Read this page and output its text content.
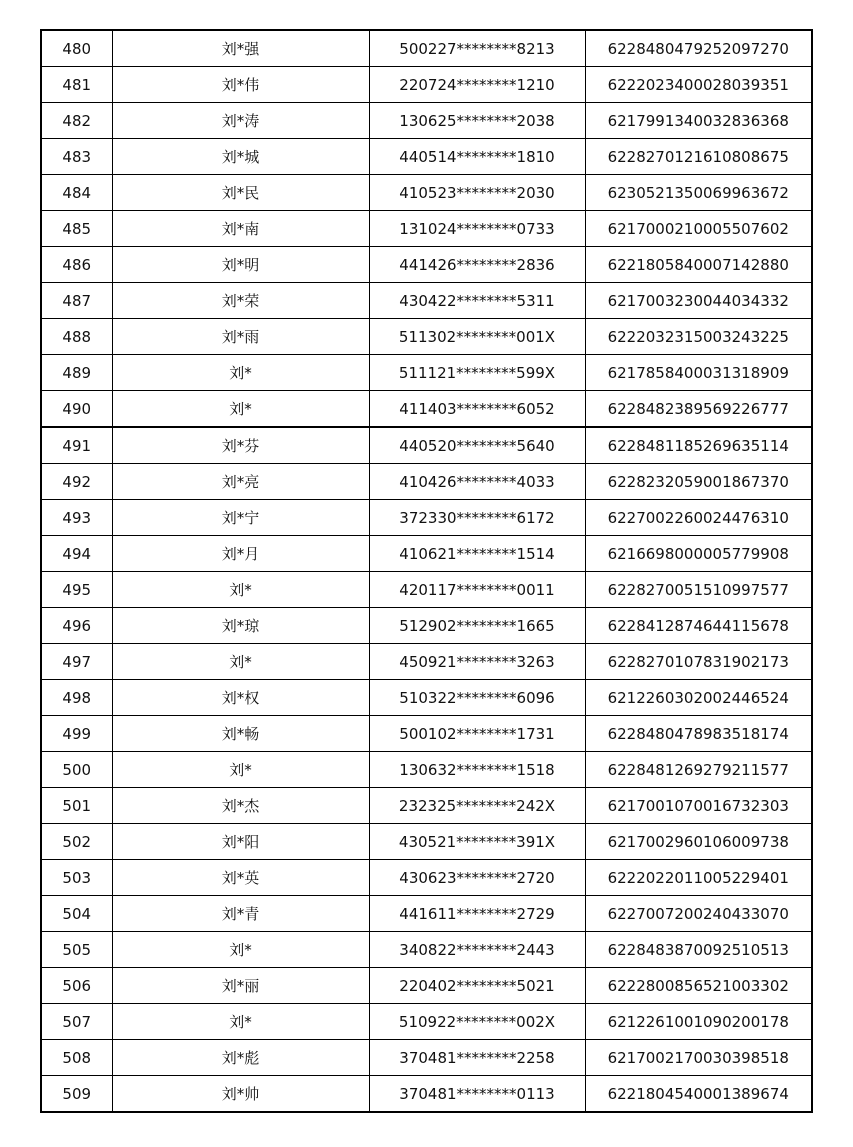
480	刘*强	500227********8213	6228480479252097270
481	刘*伟	220724********1210	6222023400028039351
482	刘*涛	130625********2038	6217991340032836368
483	刘*城	440514********1810	6228270121610808675
484	刘*民	410523********2030	6230521350069963672
485	刘*南	131024********0733	6217000210005507602
486	刘*明	441426********2836	6221805840007142880
487	刘*荣	430422********5311	6217003230044034332
488	刘*雨	511302********001X	6222032315003243225
489	刘*	511121********599X	6217858400031318909
490	刘*	411403********6052	6228482389569226777
491	刘*芬	440520********5640	6228481185269635114
492	刘*亮	410426********4033	6228232059001867370
493	刘*宁	372330********6172	6227002260024476310
494	刘*月	410621********1514	6216698000005779908
495	刘*	420117********0011	6228270051510997577
496	刘*琼	512902********1665	6228412874644115678
497	刘*	450921********3263	6228270107831902173
498	刘*权	510322********6096	6212260302002446524
499	刘*畅	500102********1731	6228480478983518174
500	刘*	130632********1518	6228481269279211577
501	刘*杰	232325********242X	6217001070016732303
502	刘*阳	430521********391X	6217002960106009738
503	刘*英	430623********2720	6222022011005229401
504	刘*青	441611********2729	6227007200240433070
505	刘*	340822********2443	6228483870092510513
506	刘*丽	220402********5021	6222800856521003302
507	刘*	510922********002X	6212261001090200178
508	刘*彪	370481********2258	6217002170030398518
509	刘*帅	370481********0113	6221804540001389674
